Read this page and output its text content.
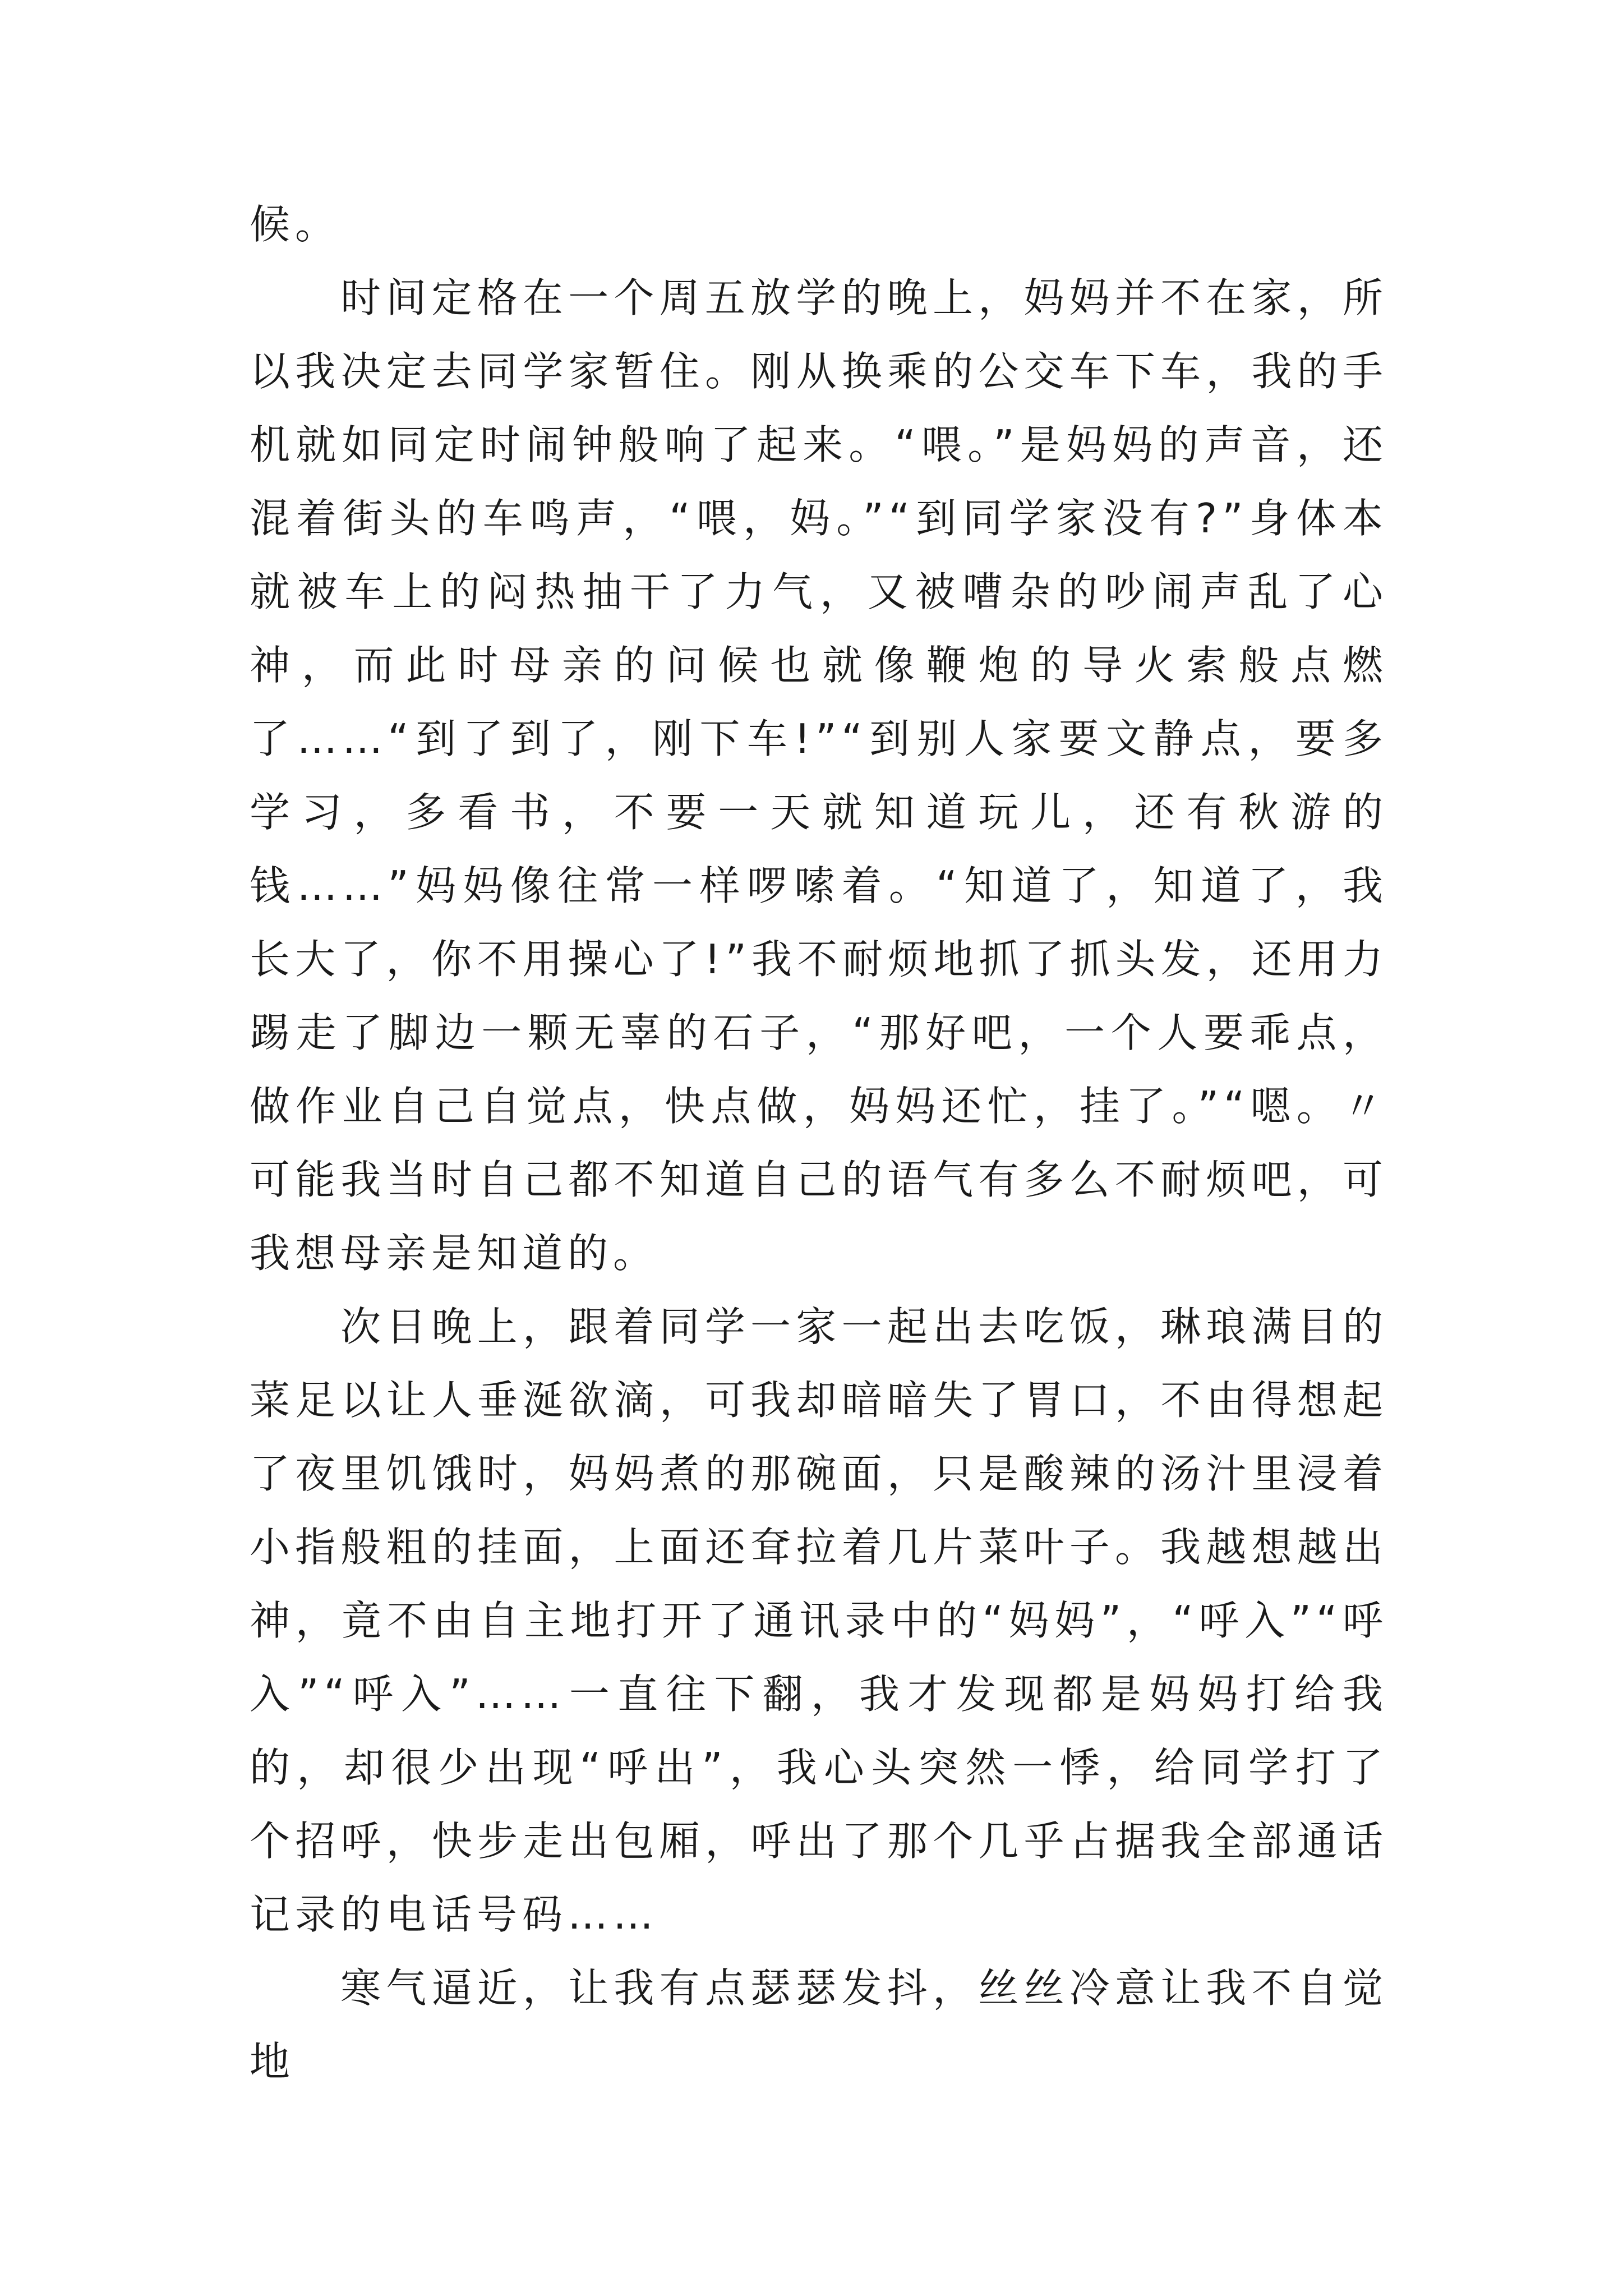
候。

时间定格在一个周五放学的晚上，妈妈并不在家，所以我决定去同学家暂住。刚从换乘的公交车下车，我的手机就如同定时闹钟般响了起来。“喂。”是妈妈的声音，还混着街头的车鸣声，“喂，妈。”“到同学家没有?”身体本就被车上的闷热抽干了力气，又被嘈杂的吵闹声乱了心神，而此时母亲的问候也就像鞭炮的导火索般点燃了……“到了到了，刚下车!”“到别人家要文静点，要多学习，多看书，不要一天就知道玩儿，还有秋游的钱……”妈妈像往常一样啰嗦着。“知道了，知道了，我长大了，你不用操心了!”我不耐烦地抓了抓头发，还用力踢走了脚边一颗无辜的石子，“那好吧，一个人要乖点，做作业自己自觉点，快点做，妈妈还忙，挂了。”“嗯。〃可能我当时自己都不知道自己的语气有多么不耐烦吧，可我想母亲是知道的。

次日晚上，跟着同学一家一起出去吃饭，琳琅满目的菜足以让人垂涎欲滴，可我却暗暗失了胃口，不由得想起了夜里饥饿时，妈妈煮的那碗面，只是酸辣的汤汁里浸着小指般粗的挂面，上面还耷拉着几片菜叶子。我越想越出神，竟不由自主地打开了通讯录中的“妈妈”，“呼入”“呼入”“呼入”……一直往下翻，我才发现都是妈妈打给我的，却很少出现“呼出”，我心头突然一悸，给同学打了个招呼，快步走出包厢，呼出了那个几乎占据我全部通话记录的电话号码……

寒气逼近，让我有点瑟瑟发抖，丝丝冷意让我不自觉地
